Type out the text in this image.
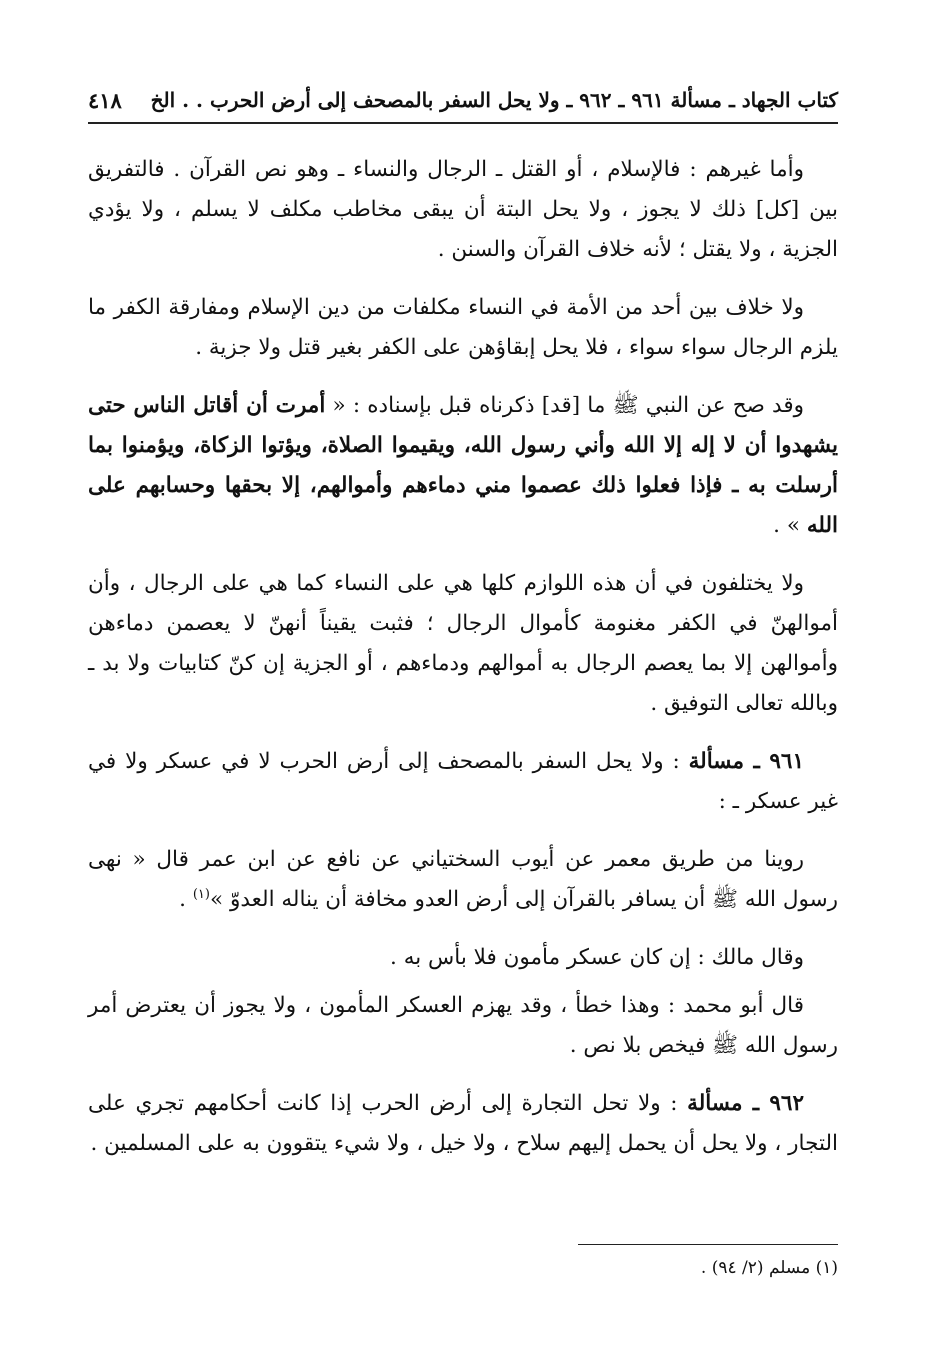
كتاب الجهاد ـ مسألة ٩٦١ ـ ٩٦٢ ـ ولا يحل السفر بالمصحف إلى أرض الحرب . . الخ
٤١٨

وأما غيرهم : فالإسلام ، أو القتل ـ الرجال والنساء ـ وهو نص القرآن . فالتفريق بين [كل] ذلك لا يجوز ، ولا يحل البتة أن يبقى مخاطب مكلف لا يسلم ، ولا يؤدي الجزية ، ولا يقتل ؛ لأنه خلاف القرآن والسنن .

ولا خلاف بين أحد من الأمة في النساء مكلفات من دين الإسلام ومفارقة الكفر ما يلزم الرجال سواء سواء ، فلا يحل إبقاؤهن على الكفر بغير قتل ولا جزية .

وقد صح عن النبي ﷺ ما [قد] ذكرناه قبل بإسناده : « أمرت أن أقاتل الناس حتى يشهدوا أن لا إله إلا الله وأني رسول الله، ويقيموا الصلاة، ويؤتوا الزكاة، ويؤمنوا بما أرسلت به ـ فإذا فعلوا ذلك عصموا مني دماءهم وأموالهم، إلا بحقها وحسابهم على الله » .

ولا يختلفون في أن هذه اللوازم كلها هي على النساء كما هي على الرجال ، وأن أموالهنّ في الكفر مغنومة كأموال الرجال ؛ فثبت يقيناً أنهنّ لا يعصمن دماءهن وأموالهن إلا بما يعصم الرجال به أموالهم ودماءهم ، أو الجزية إن كنّ كتابيات ولا بد ـ وبالله تعالى التوفيق .

٩٦١ ـ مسألة : ولا يحل السفر بالمصحف إلى أرض الحرب لا في عسكر ولا في غير عسكر ـ :

روينا من طريق معمر عن أيوب السختياني عن نافع عن ابن عمر قال « نهى رسول الله ﷺ أن يسافر بالقرآن إلى أرض العدو مخافة أن يناله العدوّ »$^{(١)}$ .

وقال مالك : إن كان عسكر مأمون فلا بأس به .

قال أبو محمد : وهذا خطأ ، وقد يهزم العسكر المأمون ، ولا يجوز أن يعترض أمر رسول الله ﷺ فيخص بلا نص .

٩٦٢ ـ مسألة : ولا تحل التجارة إلى أرض الحرب إذا كانت أحكامهم تجري على التجار ، ولا يحل أن يحمل إليهم سلاح ، ولا خيل ، ولا شيء يتقوون به على المسلمين .

(١) مسلم (٢/ ٩٤) .
